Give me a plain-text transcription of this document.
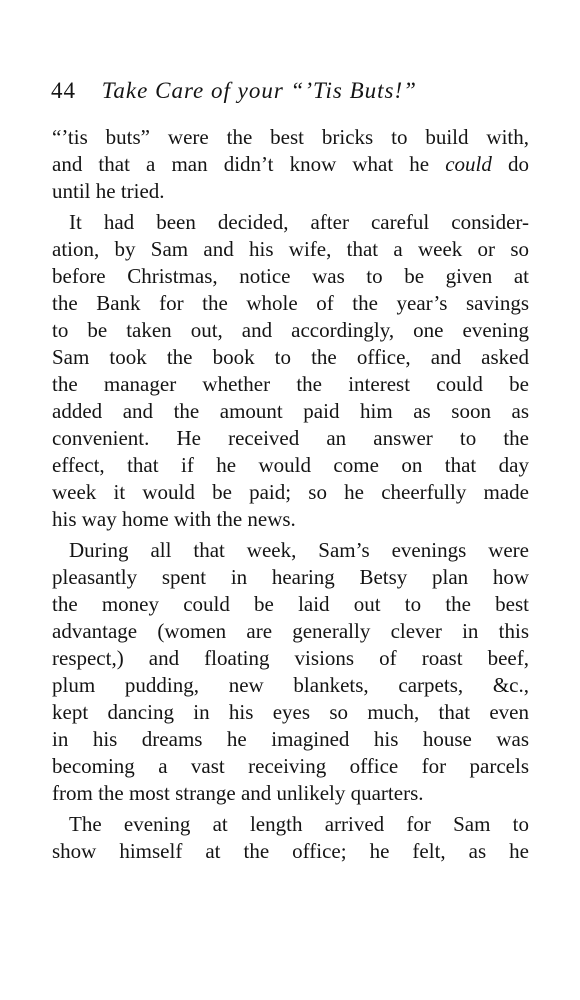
44 Take Care of your “’Tis Buts!”
“’tis buts” were the best bricks to build with,
and that a man didn’t know what he could do
until he tried.
It had been decided, after careful consider-
ation, by Sam and his wife, that a week or so
before Christmas, notice was to be given at
the Bank for the whole of the year’s savings
to be taken out, and accordingly, one evening
Sam took the book to the office, and asked
the manager whether the interest could be
added and the amount paid him as soon as
convenient. He received an answer to the
effect, that if he would come on that day
week it would be paid; so he cheerfully made
his way home with the news.
During all that week, Sam’s evenings were
pleasantly spent in hearing Betsy plan how
the money could be laid out to the best
advantage (women are generally clever in this
respect,) and floating visions of roast beef,
plum pudding, new blankets, carpets, &c.,
kept dancing in his eyes so much, that even
in his dreams he imagined his house was
becoming a vast receiving office for parcels
from the most strange and unlikely quarters.
The evening at length arrived for Sam to
show himself at the office; he felt, as he
